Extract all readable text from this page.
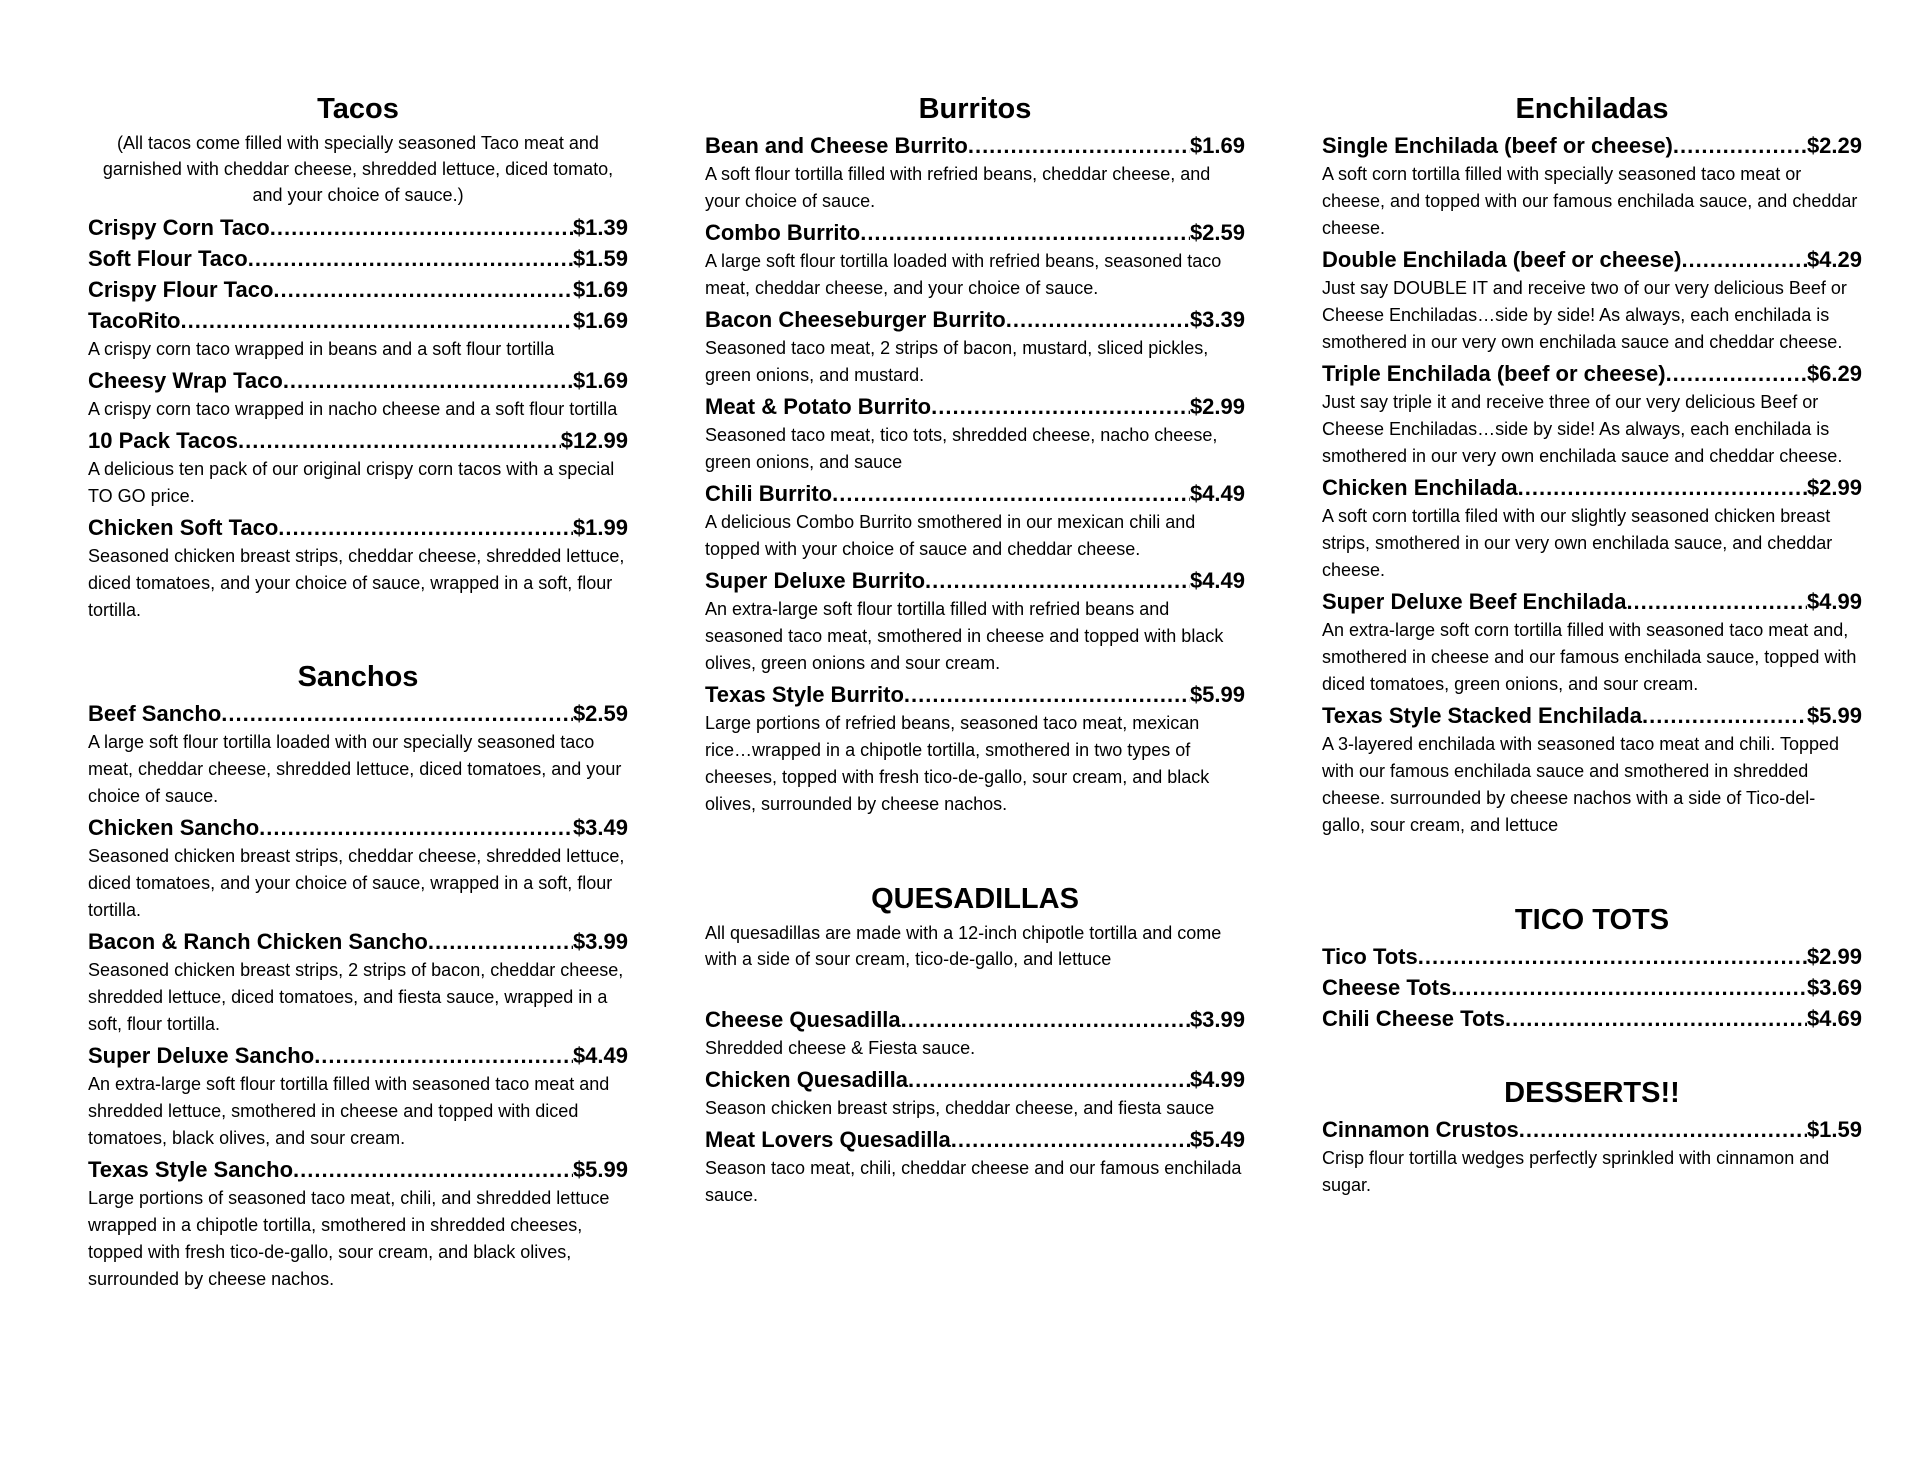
Tacos

(All tacos come filled with specially seasoned Taco meat and garnished with cheddar cheese, shredded lettuce, diced tomato, and your choice of sauce.)

Crispy Corn Taco .....	$1.39
Soft Flour Taco .....	$1.59
Crispy Flour Taco .....	$1.69
TacoRito .....	$1.69

A crispy corn taco wrapped in beans and a soft flour tortilla

Cheesy Wrap Taco .....	$1.69

A crispy corn taco wrapped in nacho cheese and a soft flour tortilla

10 Pack Tacos .....	$12.99

A delicious ten pack of our original crispy corn tacos with a special TO GO price.

Chicken Soft Taco .....	$1.99

Seasoned chicken breast strips, cheddar cheese, shredded lettuce, diced tomatoes, and your choice of sauce, wrapped in a soft, flour tortilla.

Sanchos
Beef Sancho .....	$2.59

A large soft flour tortilla loaded with our specially seasoned taco meat, cheddar cheese, shredded lettuce, diced tomatoes, and your choice of sauce.

Chicken Sancho .....	$3.49

Seasoned chicken breast strips, cheddar cheese, shredded lettuce, diced tomatoes, and your choice of sauce, wrapped in a soft, flour tortilla.

Bacon & Ranch Chicken Sancho .....	$3.99

Seasoned chicken breast strips, 2 strips of bacon, cheddar cheese, shredded lettuce, diced tomatoes, and fiesta sauce, wrapped in a soft, flour tortilla.

Super Deluxe Sancho .....	$4.49

An extra-large soft flour tortilla filled with seasoned taco meat and shredded lettuce, smothered in cheese and topped with diced tomatoes, black olives, and sour cream.

Texas Style Sancho .....	$5.99

Large portions of seasoned taco meat, chili, and shredded lettuce wrapped in a chipotle tortilla, smothered in shredded cheeses, topped with fresh tico-de-gallo, sour cream, and black olives, surrounded by cheese nachos.

Burritos
Bean and Cheese Burrito .....	$1.69

A soft flour tortilla filled with refried beans, cheddar cheese, and your choice of sauce.

Combo Burrito .....	$2.59

A large soft flour tortilla loaded with refried beans, seasoned taco meat, cheddar cheese, and your choice of sauce.

Bacon Cheeseburger Burrito .....	$3.39

Seasoned taco meat, 2 strips of bacon, mustard, sliced pickles, green onions, and mustard.

Meat & Potato Burrito .....	$2.99

Seasoned taco meat, tico tots, shredded cheese, nacho cheese, green onions, and sauce

Chili Burrito .....	$4.49

A delicious Combo Burrito smothered in our mexican chili and topped with your choice of sauce and cheddar cheese.

Super Deluxe Burrito .....	$4.49

An extra-large soft flour tortilla filled with refried beans and seasoned taco meat, smothered in cheese and topped with black olives, green onions and sour cream.

Texas Style Burrito .....	$5.99

Large portions of refried beans, seasoned taco meat, mexican rice…wrapped in a chipotle tortilla, smothered in two types of cheeses, topped with fresh tico-de-gallo, sour cream, and black olives, surrounded by cheese nachos.

QUESADILLAS

All quesadillas are made with a 12-inch chipotle tortilla and come with a side of sour cream, tico-de-gallo, and lettuce

Cheese Quesadilla .....	$3.99

Shredded cheese & Fiesta sauce.

Chicken Quesadilla .....	$4.99

Season chicken breast strips, cheddar cheese, and fiesta sauce

Meat Lovers Quesadilla .....	$5.49

Season taco meat, chili, cheddar cheese and our famous enchilada sauce.

Enchiladas
Single Enchilada (beef or cheese) .....	$2.29

A soft corn tortilla filled with specially seasoned taco meat or cheese, and topped with our famous enchilada sauce, and cheddar cheese.

Double Enchilada (beef or cheese) .....	$4.29

Just say DOUBLE IT and receive two of our very delicious Beef or Cheese Enchiladas…side by side! As always, each enchilada is smothered in our very own enchilada sauce and cheddar cheese.

Triple Enchilada (beef or cheese) .....	$6.29

Just say triple it and receive three of our very delicious Beef or Cheese Enchiladas…side by side! As always, each enchilada is smothered in our very own enchilada sauce and cheddar cheese.

Chicken Enchilada .....	$2.99

A soft corn tortilla filed with our slightly seasoned chicken breast strips, smothered in our very own enchilada sauce, and cheddar cheese.

Super Deluxe Beef Enchilada .....	$4.99

An extra-large soft corn tortilla filled with seasoned taco meat and, smothered in cheese and our famous enchilada sauce, topped with diced tomatoes, green onions, and sour cream.

Texas Style Stacked Enchilada .....	$5.99

A 3-layered enchilada with seasoned taco meat and chili. Topped with our famous enchilada sauce and smothered in shredded cheese. surrounded by cheese nachos with a side of Tico-del- gallo, sour cream, and lettuce

TICO TOTS
Tico Tots .....	$2.99
Cheese Tots .....	$3.69
Chili Cheese Tots .....	$4.69
DESSERTS!!
Cinnamon Crustos .....	$1.59

Crisp flour tortilla wedges perfectly sprinkled with cinnamon and sugar.
